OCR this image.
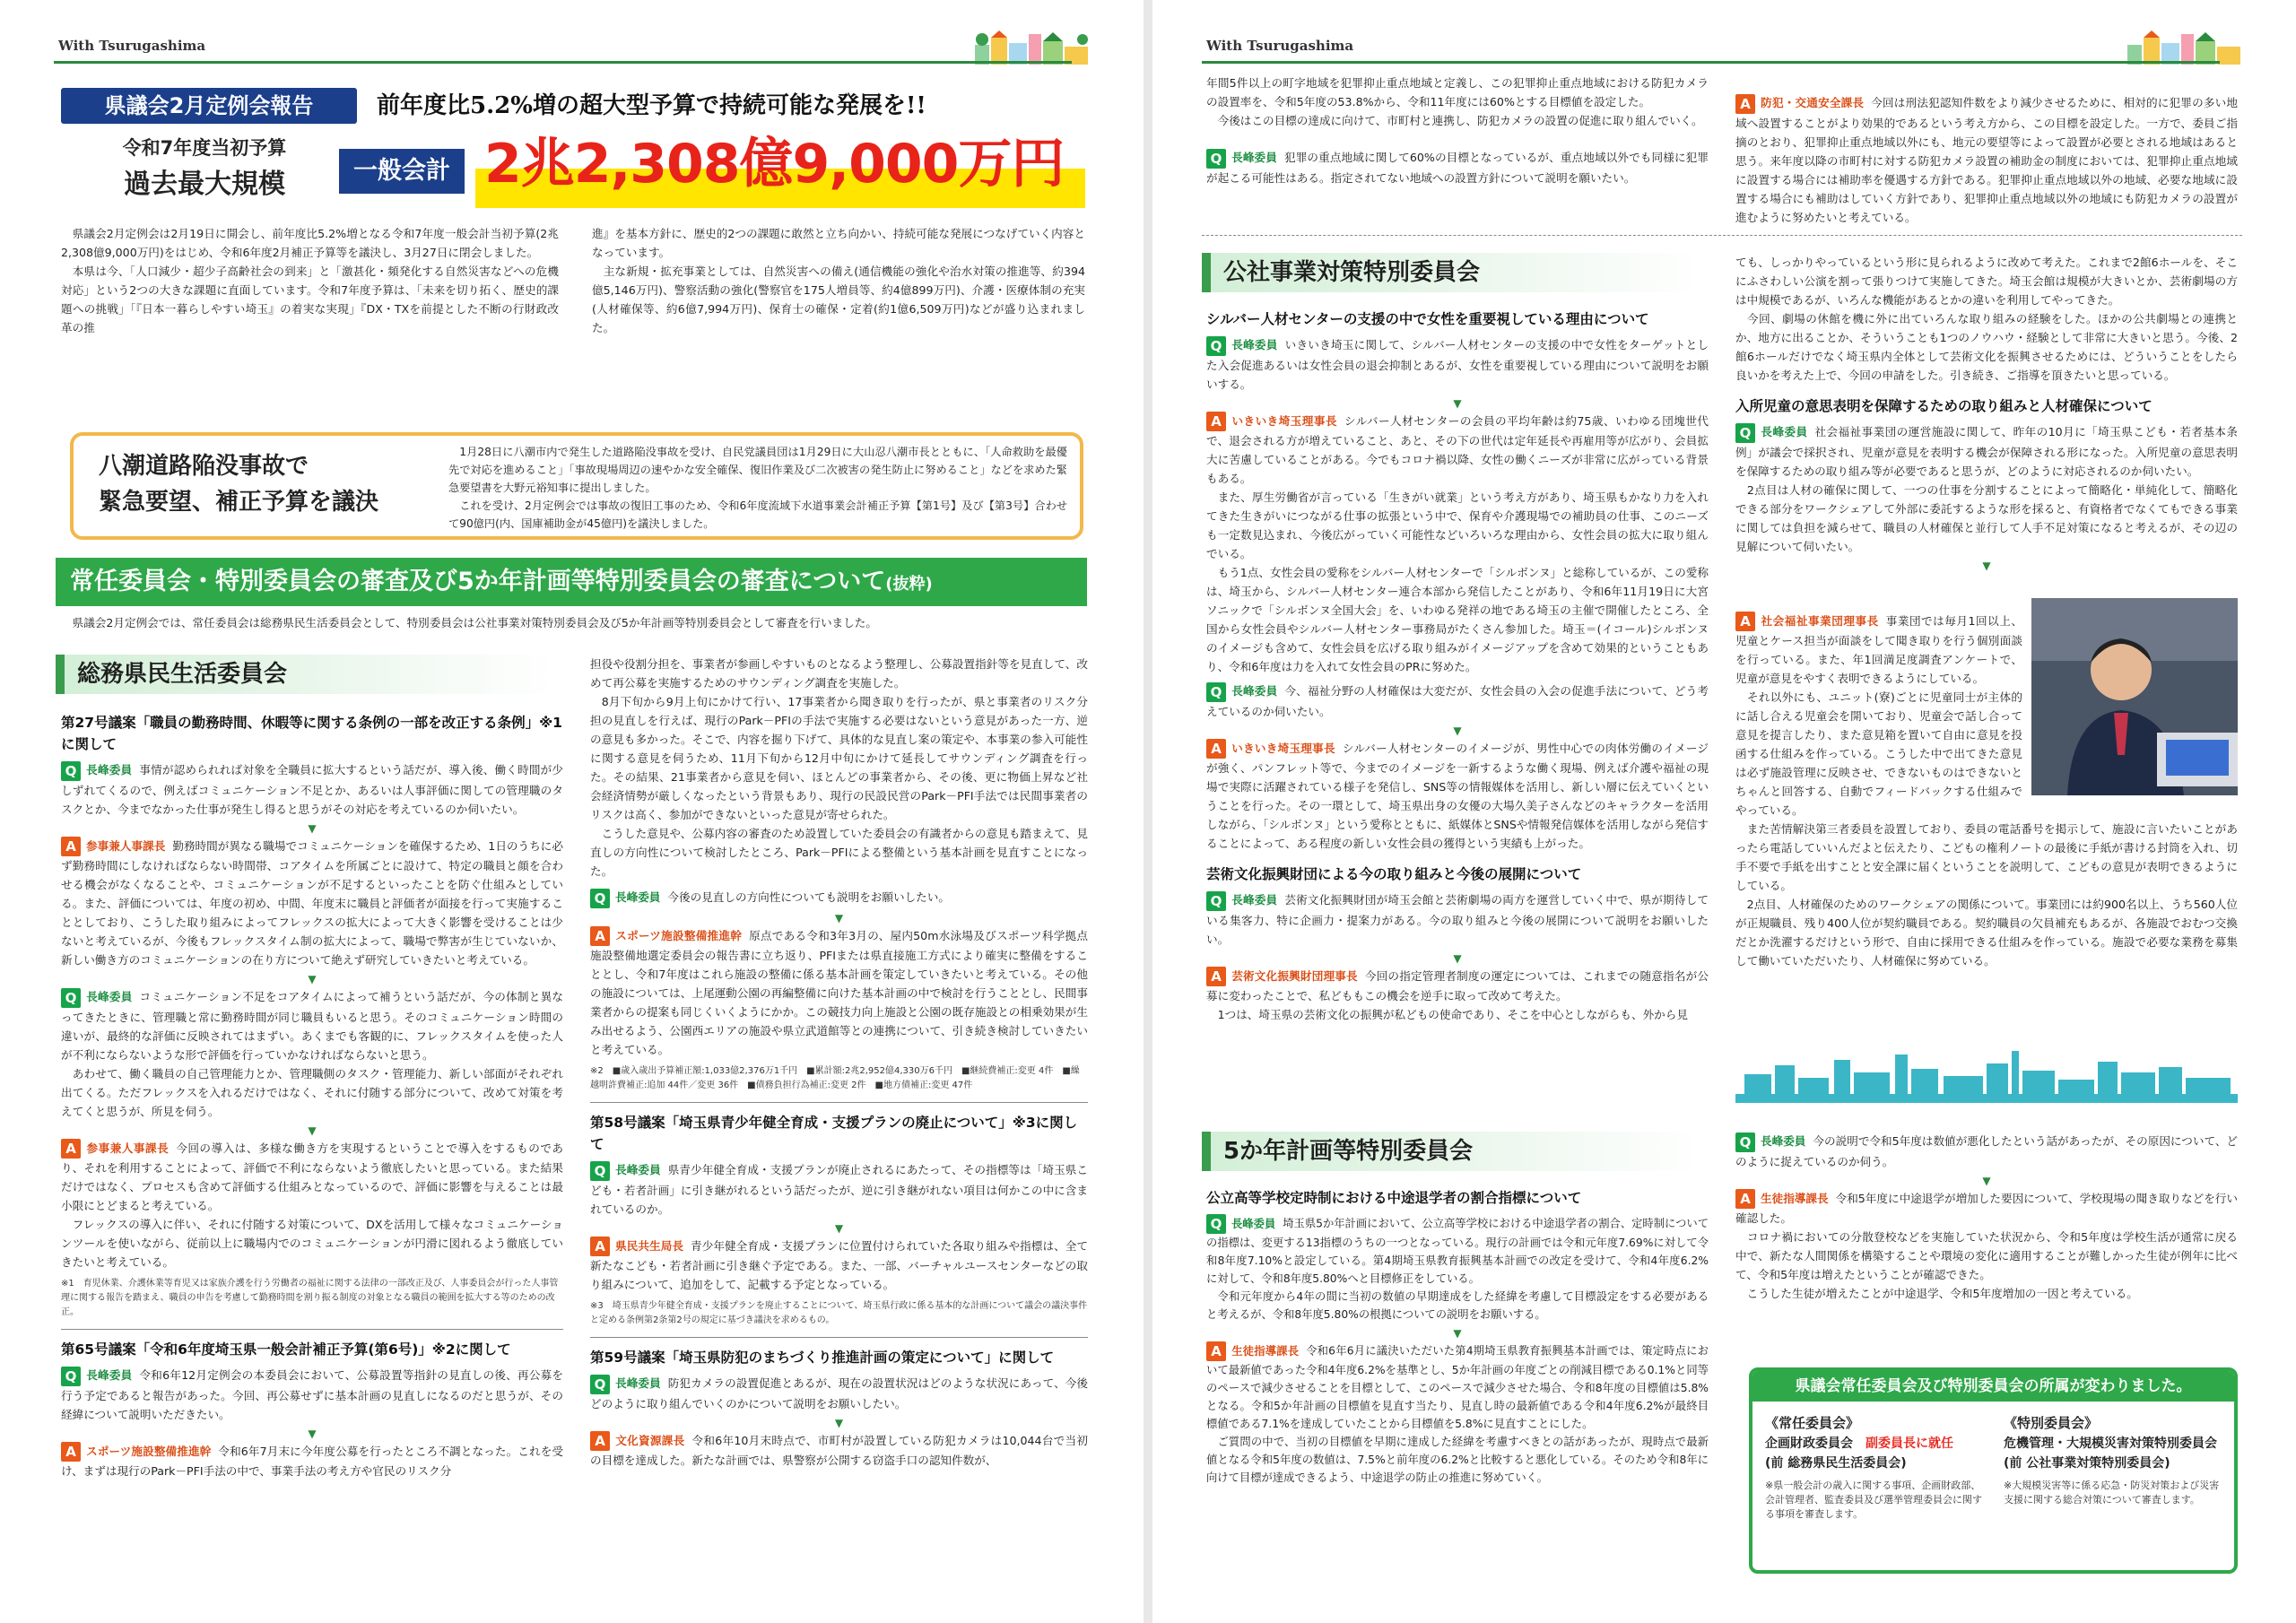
With Tsurugashima
県議会2月定例会報告	前年度比5.2%増の超大型予算で持続可能な発展を!!
令和7年度当初予算
過去最大規模	一般会計 2兆2,308億9,000万円
　県議会2月定例会は2月19日に開会し、前年度比5.2%増となる令和7年度一般会計当初予算(2兆2,308億9,000万円)をはじめ、令和6年度2月補正予算等を議決し、3月27日に閉会しました。
　本県は今、「人口減少・超少子高齢社会の到来」と「激甚化・頻発化する自然災害などへの危機対応」という2つの大きな課題に直面しています。令和7年度予算は、「未来を切り拓く、歴史的課題への挑戦」「『日本一暮らしやすい埼玉』の着実な実現」『DX・TXを前提とした不断の行財政改革の推
進』を基本方針に、歴史的2つの課題に敢然と立ち向かい、持続可能な発展につなげていく内容となっています。
　主な新規・拡充事業としては、自然災害への備え(通信機能の強化や治水対策の推進等、約394億5,146万円)、警察活動の強化(警察官を175人増員等、約4億899万円)、介護・医療体制の充実(人材確保等、約6億7,994万円)、保育士の確保・定着(約1億6,509万円)などが盛り込まれました。
八潮道路陥没事故で
緊急要望、補正予算を議決
　1月28日に八潮市内で発生した道路陥没事故を受け、自民党議員団は1月29日に大山忍八潮市長とともに、「人命救助を最優先で対応を進めること」「事故現場周辺の速やかな安全確保、復旧作業及び二次被害の発生防止に努めること」などを求めた緊急要望書を大野元裕知事に提出しました。
　これを受け、2月定例会では事故の復旧工事のため、令和6年度流域下水道事業会計補正予算【第1号】及び【第3号】合わせて90億円(内、国庫補助金が45億円)を議決しました。
常任委員会・特別委員会の審査及び5か年計画等特別委員会の審査について(抜粋)
　県議会2月定例会では、常任委員会は総務県民生活委員会として、特別委員会は公社事業対策特別委員会及び5か年計画等特別委員会として審査を行いました。
総務県民生活委員会
第27号議案「職員の勤務時間、休暇等に関する条例の一部を改正する条例」※1に関して
Q 長峰委員 事情が認められれば対象を全職員に拡大するという話だが、導入後、働く時間が少しずれてくるので、例えばコミュニケーション不足とか、あるいは人事評価に関しての管理職のタスクとか、今までなかった仕事が発生し得ると思うがその対応を考えているのか伺いたい。
▼
A 参事兼人事課長 勤務時間が異なる職場でコミュニケーションを確保するため、1日のうちに必ず勤務時間にしなければならない時間帯、コアタイムを所属ごとに設けて、特定の職員と顔を合わせる機会がなくなることや、コミュニケーションが不足するといったことを防ぐ仕組みとしている。また、評価については、年度の初め、中間、年度末に職員と評価者が面接を行って実施することとしており、こうした取り組みによってフレックスの拡大によって大きく影響を受けることは少ないと考えているが、今後もフレックスタイム制の拡大によって、職場で弊害が生じていないか、新しい働き方のコミュニケーションの在り方について絶えず研究していきたいと考えている。
▼
Q 長峰委員 コミュニケーション不足をコアタイムによって補うという話だが、今の体制と異なってきたときに、管理職と常に勤務時間が同じ職員もいると思う。そのコミュニケーション時間の違いが、最終的な評価に反映されてはまずい。あくまでも客観的に、フレックスタイムを使った人が不利にならないような形で評価を行っていかなければならないと思う。
　あわせて、働く職員の自己管理能力とか、管理職側のタスク・管理能力、新しい部面がそれぞれ出てくる。ただフレックスを入れるだけではなく、それに付随する部分について、改めて対策を考えてくと思うが、所見を伺う。
▼
A 参事兼人事課長 今回の導入は、多様な働き方を実現するということで導入をするものであり、それを利用することによって、評価で不利にならないよう徹底したいと思っている。また結果だけではなく、プロセスも含めて評価する仕組みとなっているので、評価に影響を与えることは最小限にとどまると考えている。
　フレックスの導入に伴い、それに付随する対策について、DXを活用して様々なコミュニケーションツールを使いながら、従前以上に職場内でのコミュニケーションが円滑に図れるよう徹底していきたいと考えている。
※1　育児休業、介護休業等育児又は家族介護を行う労働者の福祉に関する法律の一部改正及び、人事委員会が行った人事管理に関する報告を踏まえ、職員の申告を考慮して勤務時間を割り振る制度の対象となる職員の範囲を拡大する等のための改正。
第65号議案「令和6年度埼玉県一般会計補正予算(第6号)」※2に関して
Q 長峰委員 令和6年12月定例会の本委員会において、公募設置等指針の見直しの後、再公募を行う予定であると報告があった。今回、再公募せずに基本計画の見直しになるのだと思うが、その経緯について説明いただきたい。
▼
A スポーツ施設整備推進幹 令和6年7月末に今年度公募を行ったところ不調となった。これを受け、まずは現行のPark－PFI手法の中で、事業手法の考え方や官民のリスク分
担役や役割分担を、事業者が参画しやすいものとなるよう整理し、公募設置指針等を見直して、改めて再公募を実施するためのサウンディング調査を実施した。
　8月下旬から9月上旬にかけて行い、17事業者から聞き取りを行ったが、県と事業者のリスク分担の見直しを行えば、現行のPark－PFIの手法で実施する必要はないという意見があった一方、逆の意見も多かった。そこで、内容を掘り下げて、具体的な見直し案の策定や、本事業の参入可能性に関する意見を伺うため、11月下旬から12月中旬にかけて延長してサウンディング調査を行った。その結果、21事業者から意見を伺い、ほとんどの事業者から、その後、更に物価上昇など社会経済情勢が厳しくなったという背景もあり、現行の民設民営のPark－PFI手法では民間事業者のリスクは高く、参加ができないといった意見が寄せられた。
　こうした意見や、公募内容の審査のため設置していた委員会の有識者からの意見も踏まえて、見直しの方向性について検討したところ、Park－PFIによる整備という基本計画を見直すことになった。
Q 長峰委員 今後の見直しの方向性についても説明をお願いしたい。
▼
A スポーツ施設整備推進幹 原点である令和3年3月の、屋内50m水泳場及びスポーツ科学拠点施設整備地選定委員会の報告書に立ち返り、PFIまたは県直接施工方式により確実に整備をすることとし、令和7年度はこれら施設の整備に係る基本計画を策定していきたいと考えている。その他の施設については、上尾運動公園の再編整備に向けた基本計画の中で検討を行うこととし、民間事業者からの提案も同じくいくようにかか。この競技力向上施設と公園の既存施設との相乗効果が生み出せるよう、公園西エリアの施設や県立武道館等との連携について、引き続き検討していきたいと考えている。
※2　■歳入歳出予算補正額:1,033億2,376万1千円　■累計額:2兆2,952億4,330万6千円　■継続費補正:変更 4件　■繰越明許費補正:追加 44件／変更 36件　■債務負担行為補正:変更 2件　■地方債補正:変更 47件
第58号議案「埼玉県青少年健全育成・支援プランの廃止について」※3に関して
Q 長峰委員 県青少年健全育成・支援プランが廃止されるにあたって、その指標等は「埼玉県こども・若者計画」に引き継がれるという話だったが、逆に引き継がれない項目は何かこの中に含まれているのか。
▼
A 県民共生局長 青少年健全育成・支援プランに位置付けられていた各取り組みや指標は、全て新たなこども・若者計画に引き継ぐ予定である。また、一部、バーチャルユースセンターなどの取り組みについて、追加をして、記載する予定となっている。
※3　埼玉県青少年健全育成・支援プランを廃止することについて、埼玉県行政に係る基本的な計画について議会の議決事件と定める条例第2条第2号の規定に基づき議決を求めるもの。
第59号議案「埼玉県防犯のまちづくり推進計画の策定について」に関して
Q 長峰委員 防犯カメラの設置促進とあるが、現在の設置状況はどのような状況にあって、今後どのように取り組んでいくのかについて説明をお願いしたい。
▼
A 文化資源課長 令和6年10月末時点で、市町村が設置している防犯カメラは10,044台で当初の目標を達成した。新たな計画では、県警察が公開する窃盗手口の認知件数が、
With Tsurugashima
年間5件以上の町字地域を犯罪抑止重点地域と定義し、この犯罪抑止重点地域における防犯カメラの設置率を、令和5年度の53.8%から、令和11年度には60%とする目標値を設定した。
　今後はこの目標の達成に向けて、市町村と連携し、防犯カメラの設置の促進に取り組んでいく。
Q 長峰委員 犯罪の重点地域に関して60%の目標となっているが、重点地域以外でも同様に犯罪が起こる可能性はある。指定されてない地域への設置方針について説明を願いたい。
A 防犯・交通安全課長 今回は刑法犯認知件数をより減少させるために、相対的に犯罪の多い地域へ設置することがより効果的であるという考え方から、この目標を設定した。一方で、委員ご指摘のとおり、犯罪抑止重点地域以外にも、地元の要望等によって設置が必要とされる地域はあると思う。来年度以降の市町村に対する防犯カメラ設置の補助金の制度においては、犯罪抑止重点地域に設置する場合には補助率を優遇する方針である。犯罪抑止重点地域以外の地域、必要な地域に設置する場合にも補助はしていく方針であり、犯罪抑止重点地域以外の地域にも防犯カメラの設置が進むように努めたいと考えている。
公社事業対策特別委員会
シルバー人材センターの支援の中で女性を重要視している理由について
Q 長峰委員 いきいき埼玉に関して、シルバー人材センターの支援の中で女性をターゲットとした入会促進あるいは女性会員の退会抑制とあるが、女性を重要視している理由について説明をお願いする。
▼
A いきいき埼玉理事長 シルバー人材センターの会員の平均年齢は約75歳、いわゆる団塊世代で、退会される方が増えていること、あと、その下の世代は定年延長や再雇用等が広がり、会員拡大に苦慮していることがある。今でもコロナ禍以降、女性の働くニーズが非常に広がっている背景もある。
　また、厚生労働省が言っている「生きがい就業」という考え方があり、埼玉県もかなり力を入れてきた生きがいにつながる仕事の拡張という中で、保育や介護現場での補助員の仕事、このニーズも一定数見込まれ、今後広がっていく可能性などいろいろな理由から、女性会員の拡大に取り組んでいる。
　もう1点、女性会員の愛称をシルバー人材センターで「シルボンヌ」と総称しているが、この愛称は、埼玉から、シルバー人材センター連合本部から発信したことがあり、令和6年11月19日に大宮ソニックで「シルボンヌ全国大会」を、いわゆる発祥の地である埼玉の主催で開催したところ、全国から女性会員やシルバー人材センター事務局がたくさん参加した。埼玉＝(イコール)シルボンヌのイメージも含めて、女性会員を広げる取り組みがイメージアップを含めて効果的ということもあり、令和6年度は力を入れて女性会員のPRに努めた。
Q 長峰委員 今、福祉分野の人材確保は大変だが、女性会員の入会の促進手法について、どう考えているのか伺いたい。
▼
A いきいき埼玉理事長 シルバー人材センターのイメージが、男性中心での肉体労働のイメージが強く、パンフレット等で、今までのイメージを一新するような働く現場、例えば介護や福祉の現場で実際に活躍されている様子を発信し、SNS等の情報媒体を活用し、新しい層に伝えていくということを行った。その一環として、埼玉県出身の女優の大場久美子さんなどのキャラクターを活用しながら、「シルボンヌ」という愛称とともに、紙媒体とSNSや情報発信媒体を活用しながら発信することによって、ある程度の新しい女性会員の獲得という実績も上がった。
芸術文化振興財団による今の取り組みと今後の展開について
Q 長峰委員 芸術文化振興財団が埼玉会館と芸術劇場の両方を運営していく中で、県が期待している集客力、特に企画力・提案力がある。今の取り組みと今後の展開について説明をお願いしたい。
▼
A 芸術文化振興財団理事長 今回の指定管理者制度の運定については、これまでの随意指名が公募に変わったことで、私どももこの機会を逆手に取って改めて考えた。
　1つは、埼玉県の芸術文化の振興が私どもの使命であり、そこを中心としながらも、外から見
ても、しっかりやっているという形に見られるように改めて考えた。これまで2館6ホールを、そこにふさわしい公演を割って張りつけて実施してきた。埼玉会館は規模が大きいとか、芸術劇場の方は中規模であるが、いろんな機能があるとかの違いを利用してやってきた。
　今回、劇場の休館を機に外に出ていろんな取り組みの経験をした。ほかの公共劇場との連携とか、地方に出ることか、そういうことも1つのノウハウ・経験として非常に大きいと思う。今後、2館6ホールだけでなく埼玉県内全体として芸術文化を振興させるためには、どういうことをしたら良いかを考えた上で、今回の申請をした。引き続き、ご指導を頂きたいと思っている。
入所児童の意思表明を保障するための取り組みと人材確保について
Q 長峰委員 社会福祉事業団の運営施設に関して、昨年の10月に「埼玉県こども・若者基本条例」が議会で採択され、児童が意見を表明する機会が保障される形になった。入所児童の意思表明を保障するための取り組み等が必要であると思うが、どのように対応されるのか伺いたい。
　2点目は人材の確保に関して、一つの仕事を分割することによって簡略化・単純化して、簡略化できる部分をワークシェアして外部に委託するような形を採ると、有資格者でなくてもできる事業に関しては負担を減らせて、職員の人材確保と並行して人手不足対策になると考えるが、その辺の見解について伺いたい。
▼

A 社会福祉事業団理事長 事業団では毎月1回以上、児童とケース担当が面談をして聞き取りを行う個別面談を行っている。また、年1回満足度調査アンケートで、児童が意見をやすく表明できるようにしている。
　それ以外にも、ユニット(寮)ごとに児童同士が主体的に話し合える児童会を開いており、児童会で話し合って意見を提言したり、また意見箱を置いて自由に意見を投函する仕組みを作っている。こうした中で出てきた意見は必ず施設管理に反映させ、できないものはできないとちゃんと回答する、自動でフィードバックする仕組みでやっている。
　また苦情解決第三者委員を設置しており、委員の電話番号を掲示して、施設に言いたいことがあったら電話していいんだよと伝えたり、こどもの権利ノートの最後に手紙が書ける封筒を入れ、切手不要で手紙を出すことと安全課に届くということを説明して、こどもの意見が表明できるようにしている。
　2点目、人材確保のためのワークシェアの関係について。事業団には約900名以上、うち560人位が正規職員、残り400人位が契約職員である。契約職員の欠員補充もあるが、各施設でおむつ交換だとか洗濯するだけという形で、自由に採用できる仕組みを作っている。施設で必要な業務を募集して働いていただいたり、人材確保に努めている。

5か年計画等特別委員会
公立高等学校定時制における中途退学者の割合指標について
Q 長峰委員 埼玉県5か年計画において、公立高等学校における中途退学者の割合、定時制についての指標は、変更する13指標のうちの一つとなっている。現行の計画では令和元年度7.69%に対して令和8年度7.10%と設定している。第4期埼玉県教育振興基本計画での改定を受けて、令和4年度6.2%に対して、令和8年度5.80%へと目標修正をしている。
　令和元年度から4年の間に当初の数値の早期達成をした経緯を考慮して目標設定をする必要があると考えるが、令和8年度5.80%の根拠についての説明をお願いする。
▼
A 生徒指導課長 令和6年6月に議決いただいた第4期埼玉県教育振興基本計画では、策定時点において最新値であった令和4年度6.2%を基準とし、5か年計画の年度ごとの削減目標である0.1%と同等のペースで減少させることを目標として、このペースで減少させた場合、令和8年度の目標値は5.8%となる。令和5か年計画の目標値を見直す当たり、見直し時の最新値である令和4年度6.2%が最終目標値である7.1%を達成していたことから目標値を5.8%に見直すことにした。
　ご質問の中で、当初の目標値を早期に達成した経緯を考慮すべきとの話があったが、現時点で最新値となる令和5年度の数値は、7.5%と前年度の6.2%と比較すると悪化している。そのため令和8年に向けて目標が達成できるよう、中途退学の防止の推進に努めていく。
Q 長峰委員 今の説明で令和5年度は数値が悪化したという話があったが、その原因について、どのように捉えているのか伺う。
▼
A 生徒指導課長 令和5年度に中途退学が増加した要因について、学校現場の聞き取りなどを行い確認した。
　コロナ禍においての分散登校などを実施していた状況から、令和5年度は学校生活が通常に戻る中で、新たな人間関係を構築することや環境の変化に適用することが難しかった生徒が例年に比べて、令和5年度は増えたということが確認できた。
　こうした生徒が増えたことが中途退学、令和5年度増加の一因と考えている。
県議会常任委員会及び特別委員会の所属が変わりました。
《常任委員会》
企画財政委員会　 副委員長に就任
(前 総務県民生活委員会)
※県一般会計の歳入に関する事項、企画財政部、会計管理者、監査委員及び選挙管理委員会に関する事項を審査します。
《特別委員会》
危機管理・大規模災害対策特別委員会
(前 公社事業対策特別委員会)
※大規模災害等に係る応急・防災対策および災害支援に関する総合対策について審査します。
